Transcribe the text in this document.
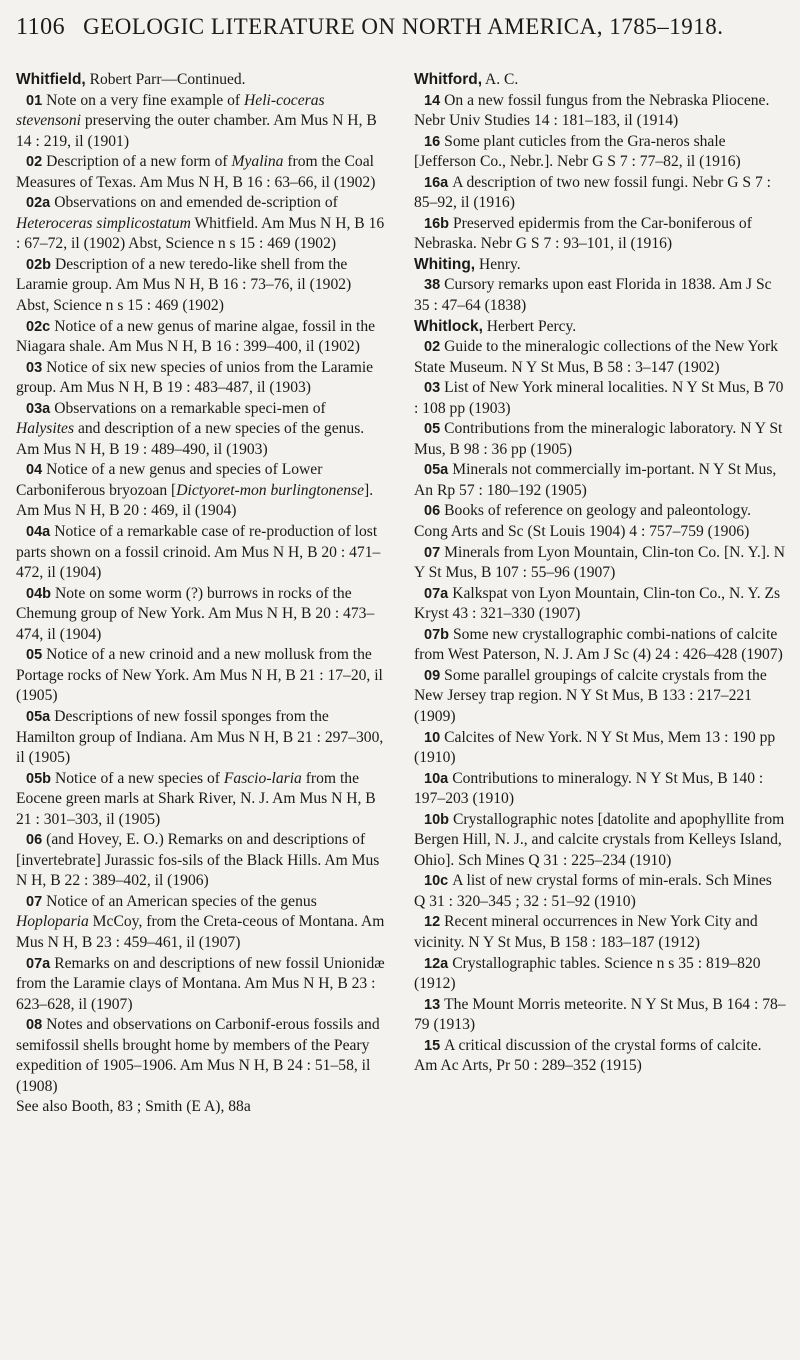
1106 GEOLOGIC LITERATURE ON NORTH AMERICA, 1785–1918.
Whitfield, Robert Parr—Continued.
01 Note on a very fine example of Heli-coceras stevensoni preserving the outer chamber. Am Mus N H, B 14 : 219, il (1901)
02 Description of a new form of Myalina from the Coal Measures of Texas. Am Mus N H, B 16 : 63–66, il (1902)
02a Observations on and emended de-scription of Heteroceras simplicostatum Whitfield. Am Mus N H, B 16 : 67–72, il (1902) Abst, Science n s 15 : 469 (1902)
02b Description of a new teredo-like shell from the Laramie group. Am Mus N H, B 16 : 73–76, il (1902) Abst, Science n s 15 : 469 (1902)
02c Notice of a new genus of marine algae, fossil in the Niagara shale. Am Mus N H, B 16 : 399–400, il (1902)
03 Notice of six new species of unios from the Laramie group. Am Mus N H, B 19 : 483–487, il (1903)
03a Observations on a remarkable speci-men of Halysites and description of a new species of the genus. Am Mus N H, B 19 : 489–490, il (1903)
04 Notice of a new genus and species of Lower Carboniferous bryozoan [Dictyoret-mon burlingtonense]. Am Mus N H, B 20 : 469, il (1904)
04a Notice of a remarkable case of re-production of lost parts shown on a fossil crinoid. Am Mus N H, B 20 : 471–472, il (1904)
04b Note on some worm (?) burrows in rocks of the Chemung group of New York. Am Mus N H, B 20 : 473–474, il (1904)
05 Notice of a new crinoid and a new mollusk from the Portage rocks of New York. Am Mus N H, B 21 : 17–20, il (1905)
05a Descriptions of new fossil sponges from the Hamilton group of Indiana. Am Mus N H, B 21 : 297–300, il (1905)
05b Notice of a new species of Fascio-laria from the Eocene green marls at Shark River, N. J. Am Mus N H, B 21 : 301–303, il (1905)
06 (and Hovey, E. O.) Remarks on and descriptions of [invertebrate] Jurassic fos-sils of the Black Hills. Am Mus N H, B 22 : 389–402, il (1906)
07 Notice of an American species of the genus Hoploparia McCoy, from the Creta-ceous of Montana. Am Mus N H, B 23 : 459–461, il (1907)
07a Remarks on and descriptions of new fossil Unionidæ from the Laramie clays of Montana. Am Mus N H, B 23 : 623–628, il (1907)
08 Notes and observations on Carbonif-erous fossils and semifossil shells brought home by members of the Peary expedition of 1905–1906. Am Mus N H, B 24 : 51–58, il (1908)
See also Booth, 83 ; Smith (E A), 88a
Whitford, A. C.
14 On a new fossil fungus from the Nebraska Pliocene. Nebr Univ Studies 14 : 181–183, il (1914)
16 Some plant cuticles from the Gra-neros shale [Jefferson Co., Nebr.]. Nebr G S 7 : 77–82, il (1916)
16a A description of two new fossil fungi. Nebr G S 7 : 85–92, il (1916)
16b Preserved epidermis from the Car-boniferous of Nebraska. Nebr G S 7 : 93–101, il (1916)
Whiting, Henry.
38 Cursory remarks upon east Florida in 1838. Am J Sc 35 : 47–64 (1838)
Whitlock, Herbert Percy.
02 Guide to the mineralogic collections of the New York State Museum. N Y St Mus, B 58 : 3–147 (1902)
03 List of New York mineral localities. N Y St Mus, B 70 : 108 pp (1903)
05 Contributions from the mineralogic laboratory. N Y St Mus, B 98 : 36 pp (1905)
05a Minerals not commercially im-portant. N Y St Mus, An Rp 57 : 180–192 (1905)
06 Books of reference on geology and paleontology. Cong Arts and Sc (St Louis 1904) 4 : 757–759 (1906)
07 Minerals from Lyon Mountain, Clin-ton Co. [N. Y.]. N Y St Mus, B 107 : 55–96 (1907)
07a Kalkspat von Lyon Mountain, Clin-ton Co., N. Y. Zs Kryst 43 : 321–330 (1907)
07b Some new crystallographic combi-nations of calcite from West Paterson, N. J. Am J Sc (4) 24 : 426–428 (1907)
09 Some parallel groupings of calcite crystals from the New Jersey trap region. N Y St Mus, B 133 : 217–221 (1909)
10 Calcites of New York. N Y St Mus, Mem 13 : 190 pp (1910)
10a Contributions to mineralogy. N Y St Mus, B 140 : 197–203 (1910)
10b Crystallographic notes [datolite and apophyllite from Bergen Hill, N. J., and calcite crystals from Kelleys Island, Ohio]. Sch Mines Q 31 : 225–234 (1910)
10c A list of new crystal forms of min-erals. Sch Mines Q 31 : 320–345 ; 32 : 51–92 (1910)
12 Recent mineral occurrences in New York City and vicinity. N Y St Mus, B 158 : 183–187 (1912)
12a Crystallographic tables. Science n s 35 : 819–820 (1912)
13 The Mount Morris meteorite. N Y St Mus, B 164 : 78–79 (1913)
15 A critical discussion of the crystal forms of calcite. Am Ac Arts, Pr 50 : 289–352 (1915)
